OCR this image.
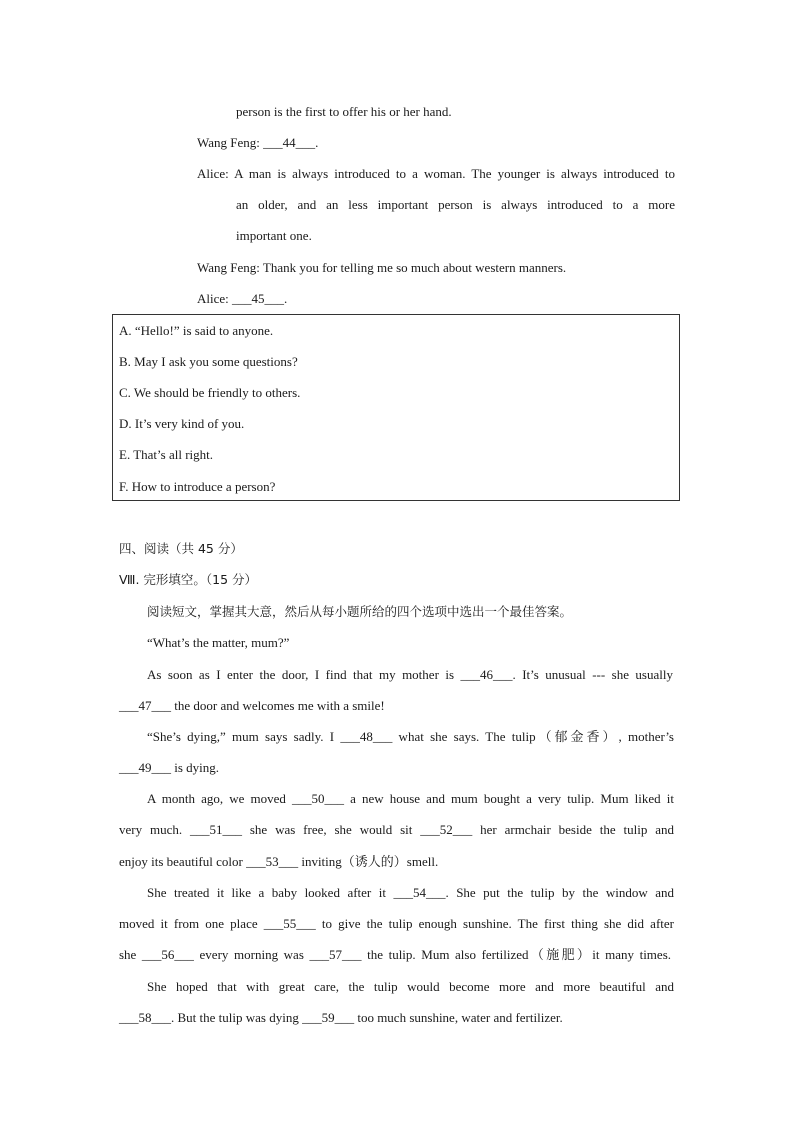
person is the first to offer his or her hand.
Wang Feng: ___44___.
Alice: A man is always introduced to a woman. The younger is always introduced to
an older, and an less important person is always introduced to a more
important one.
Wang Feng: Thank you for telling me so much about western manners.
Alice: ___45___.
A. “Hello!” is said to anyone.
B. May I ask you some questions?
C. We should be friendly to others.
D. It’s very kind of you.
E. That’s all right.
F. How to introduce a person?
四、阅读（共 45 分）
Ⅷ. 完形填空。（15 分）
阅读短文，掌握其大意，然后从每小题所给的四个选项中选出一个最佳答案。
“What’s the matter, mum?”
As soon as I enter the door, I find that my mother is ___46___. It’s unusual --- she usually
___47___ the door and welcomes me with a smile!
“She’s dying,” mum says sadly. I ___48___ what she says. The tulip（郁金香）, mother’s
___49___ is dying.
A month ago, we moved ___50___ a new house and mum bought a very tulip. Mum liked it
very much. ___51___ she was free, she would sit ___52___ her armchair beside the tulip and
enjoy its beautiful color ___53___ inviting（诱人的）smell.
She treated it like a baby looked after it ___54___. She put the tulip by the window and
moved it from one place ___55___ to give the tulip enough sunshine. The first thing she did after
she ___56___ every morning was ___57___ the tulip. Mum also fertilized（施肥）it many times.
She hoped that with great care, the tulip would become more and more beautiful and
___58___. But the tulip was dying ___59___ too much sunshine, water and fertilizer.
